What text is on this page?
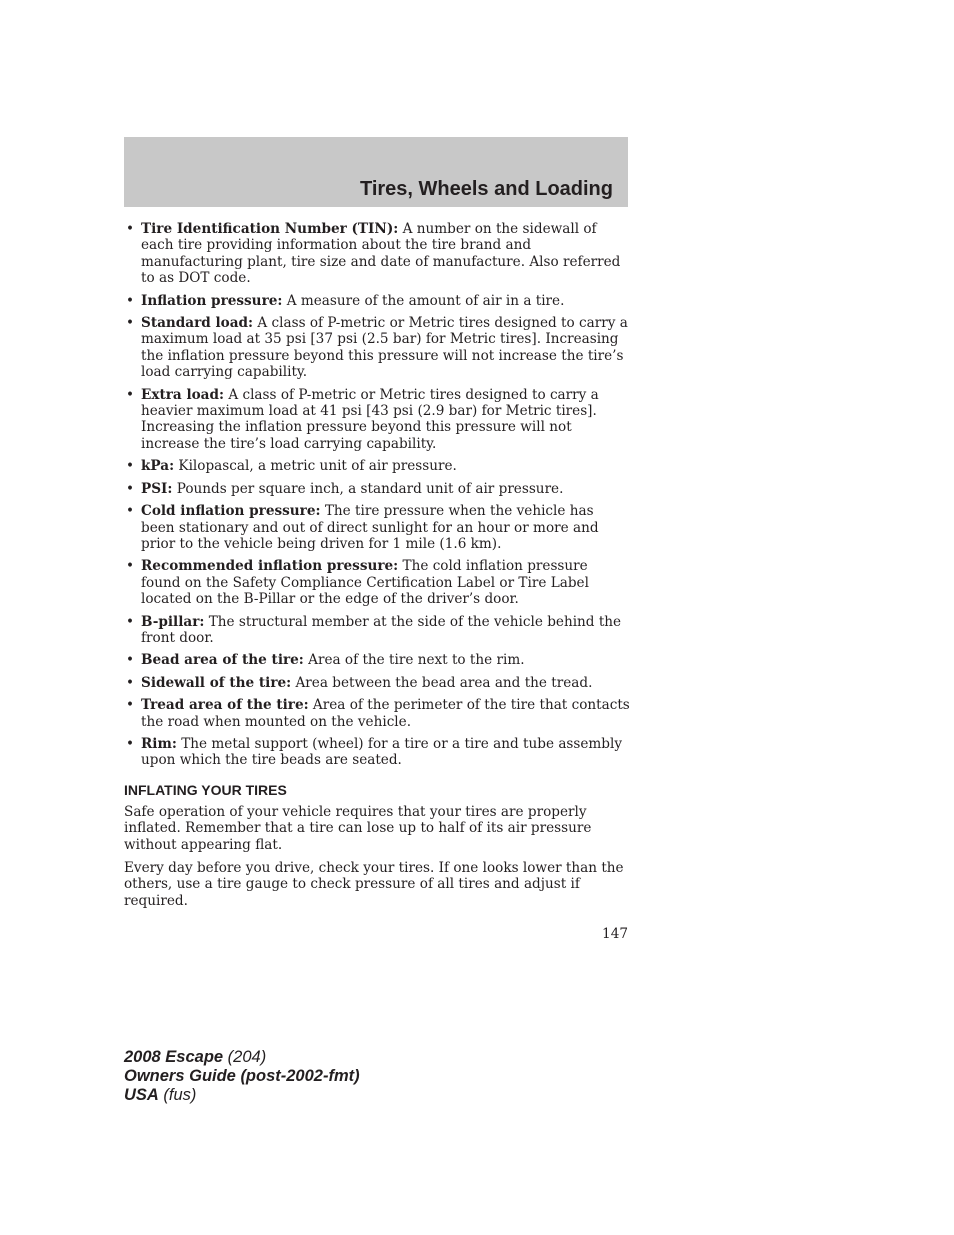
Tires, Wheels and Loading
• Tire Identification Number (TIN): A number on the sidewall of each tire providing information about the tire brand and manufacturing plant, tire size and date of manufacture. Also referred to as DOT code.
• Inflation pressure: A measure of the amount of air in a tire.
• Standard load: A class of P-metric or Metric tires designed to carry a maximum load at 35 psi [37 psi (2.5 bar) for Metric tires]. Increasing the inflation pressure beyond this pressure will not increase the tire’s load carrying capability.
• Extra load: A class of P-metric or Metric tires designed to carry a heavier maximum load at 41 psi [43 psi (2.9 bar) for Metric tires]. Increasing the inflation pressure beyond this pressure will not increase the tire’s load carrying capability.
• kPa: Kilopascal, a metric unit of air pressure.
• PSI: Pounds per square inch, a standard unit of air pressure.
• Cold inflation pressure: The tire pressure when the vehicle has been stationary and out of direct sunlight for an hour or more and prior to the vehicle being driven for 1 mile (1.6 km).
• Recommended inflation pressure: The cold inflation pressure found on the Safety Compliance Certification Label or Tire Label located on the B-Pillar or the edge of the driver’s door.
• B-pillar: The structural member at the side of the vehicle behind the front door.
• Bead area of the tire: Area of the tire next to the rim.
• Sidewall of the tire: Area between the bead area and the tread.
• Tread area of the tire: Area of the perimeter of the tire that contacts the road when mounted on the vehicle.
• Rim: The metal support (wheel) for a tire or a tire and tube assembly upon which the tire beads are seated.
INFLATING YOUR TIRES

Safe operation of your vehicle requires that your tires are properly inflated. Remember that a tire can lose up to half of its air pressure without appearing flat.

Every day before you drive, check your tires. If one looks lower than the others, use a tire gauge to check pressure of all tires and adjust if required.

147
2008 Escape (204)
Owners Guide (post-2002-fmt)
USA (fus)
